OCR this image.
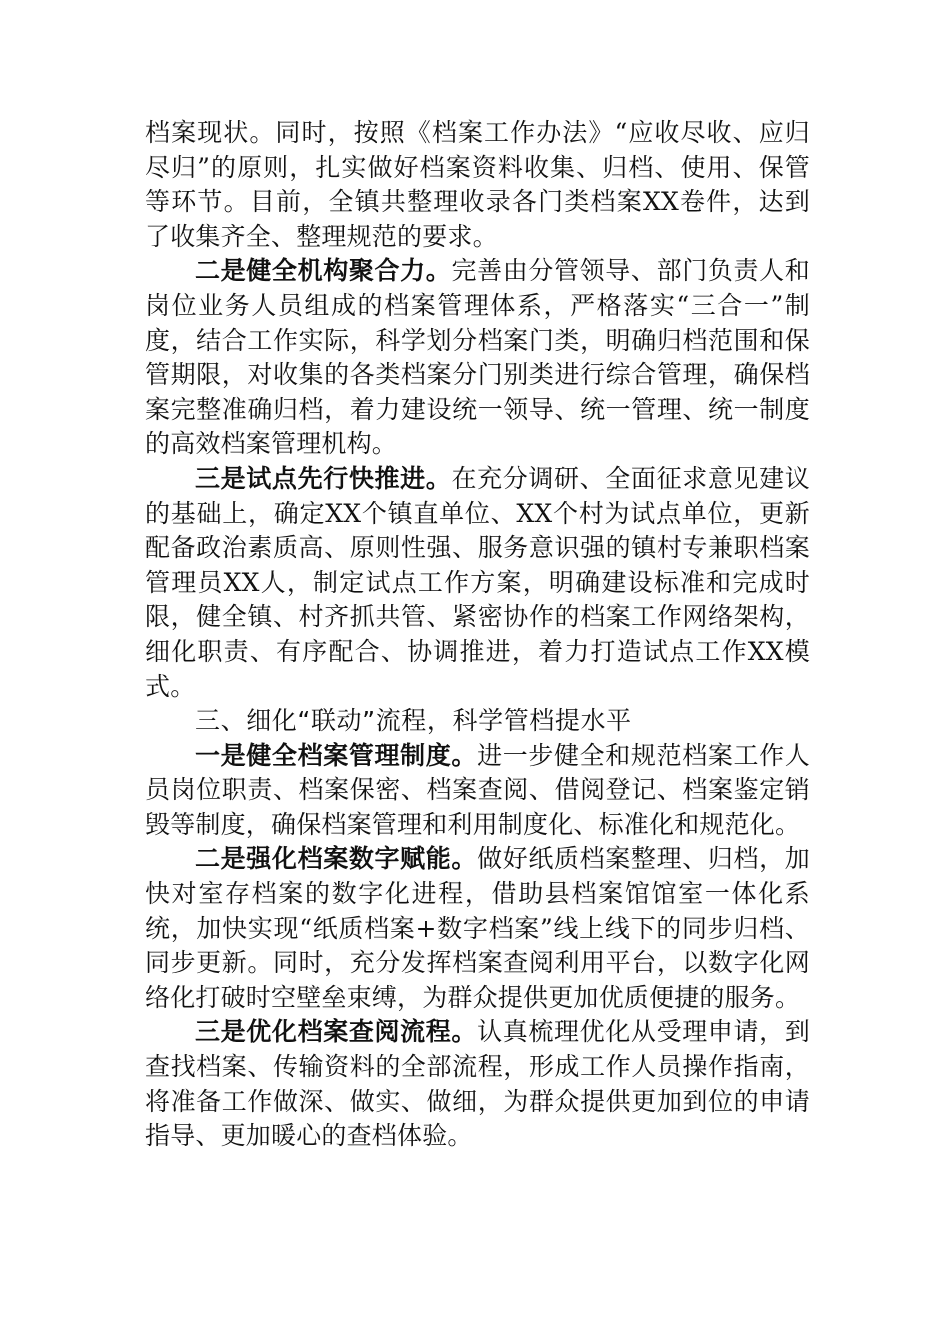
档案现状。同时，按照《档案工作办法》“应收尽收、应归尽归”的原则，扎实做好档案资料收集、归档、使用、保管等环节。目前，全镇共整理收录各门类档案XX卷件，达到了收集齐全、整理规范的要求。

二是健全机构聚合力。完善由分管领导、部门负责人和岗位业务人员组成的档案管理体系，严格落实“三合一”制度，结合工作实际，科学划分档案门类，明确归档范围和保管期限，对收集的各类档案分门别类进行综合管理，确保档案完整准确归档，着力建设统一领导、统一管理、统一制度的高效档案管理机构。

三是试点先行快推进。在充分调研、全面征求意见建议的基础上，确定XX个镇直单位、XX个村为试点单位，更新配备政治素质高、原则性强、服务意识强的镇村专兼职档案管理员XX人，制定试点工作方案，明确建设标准和完成时限，健全镇、村齐抓共管、紧密协作的档案工作网络架构，细化职责、有序配合、协调推进，着力打造试点工作XX模式。

三、细化“联动”流程，科学管档提水平

一是健全档案管理制度。进一步健全和规范档案工作人员岗位职责、档案保密、档案查阅、借阅登记、档案鉴定销毁等制度，确保档案管理和利用制度化、标准化和规范化。

二是强化档案数字赋能。做好纸质档案整理、归档，加快对室存档案的数字化进程，借助县档案馆馆室一体化系统，加快实现“纸质档案+数字档案”线上线下的同步归档、同步更新。同时，充分发挥档案查阅利用平台，以数字化网络化打破时空壁垒束缚，为群众提供更加优质便捷的服务。

三是优化档案查阅流程。认真梳理优化从受理申请，到查找档案、传输资料的全部流程，形成工作人员操作指南，将准备工作做深、做实、做细，为群众提供更加到位的申请指导、更加暖心的查档体验。
